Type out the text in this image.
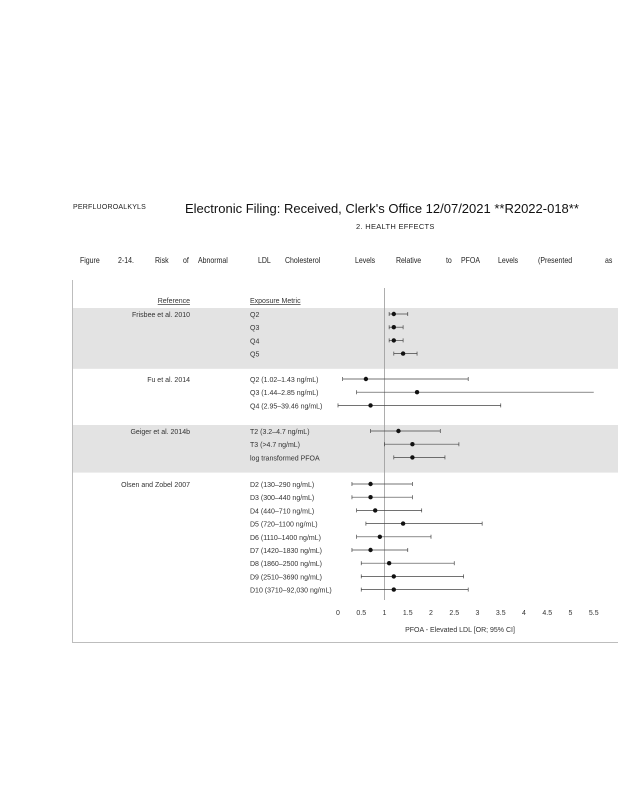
PERFLUOROALKYLS	Electronic Filing: Received, Clerk's Office 12/07/2021 **R2022-018**
2. HEALTH EFFECTS
Figure 2-14. Risk of Abnormal	LDL Cholesterol	Levels Relative	to PFOA Levels (Presented	as
Reference	Exposure Metric
Frisbee et al. 2010	Q2
Q3
Q4
Q5
Fu et al. 2014	Q2 (1.02–1.43 ng/mL)
Q3 (1.44–2.85 ng/mL)
Q4 (2.95–39.46 ng/mL)
Geiger et al. 2014b	T2 (3.2–4.7 ng/mL)
T3 (>4.7 ng/mL)
log transformed PFOA
Olsen and Zobel 2007	D2 (130–290 ng/mL)
D3 (300–440 ng/mL)
D4 (440–710 ng/mL)
D5 (720–1100 ng/mL)
D6 (1110–1400 ng/mL)
D7 (1420–1830 ng/mL)
D8 (1860–2500 ng/mL)
D9 (2510–3690 ng/mL)
D10 (3710–92,030 ng/mL)
0 0.5 1 1.5 2 2.5 3 3.5 4 4.5 5 5.5
PFOA - Elevated LDL [OR; 95% CI]
